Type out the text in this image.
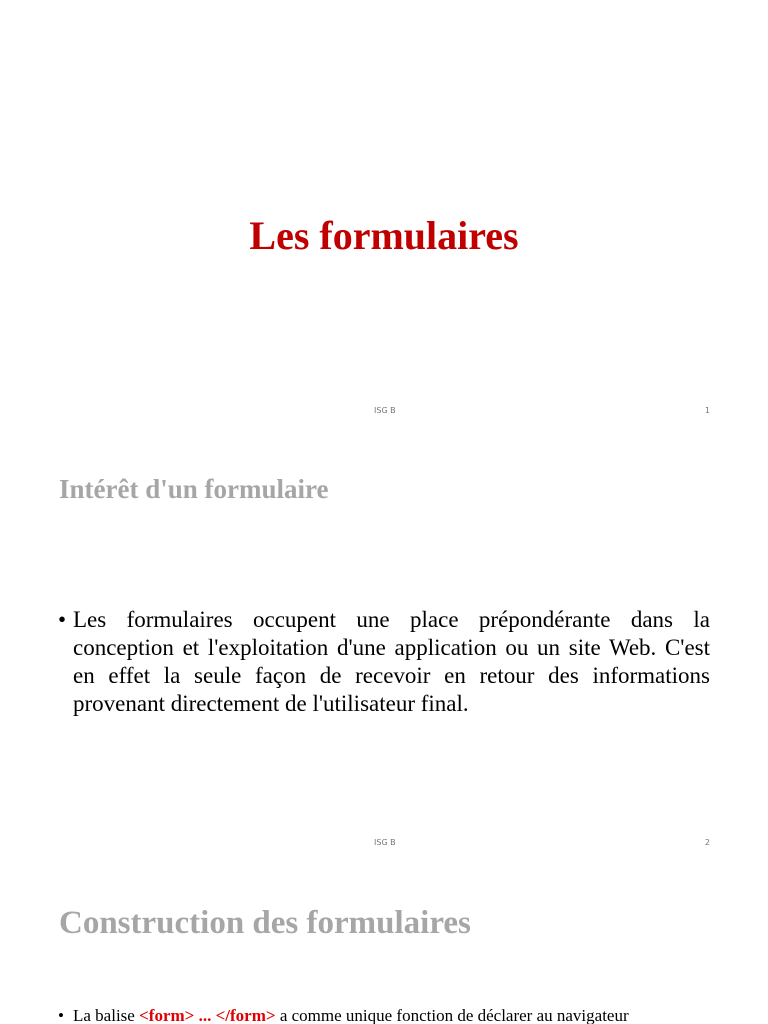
Les formulaires
ISG B	1
Intérêt d'un formulaire
• Les formulaires occupent une place prépondérante dans la conception et l'exploitation d'une application ou un site Web. C'est en effet la seule façon de recevoir en retour des informations provenant directement de l'utilisateur final.
ISG B	2
Construction des formulaires
• La balise <form> ... </form> a comme unique fonction de déclarer au navigateur
